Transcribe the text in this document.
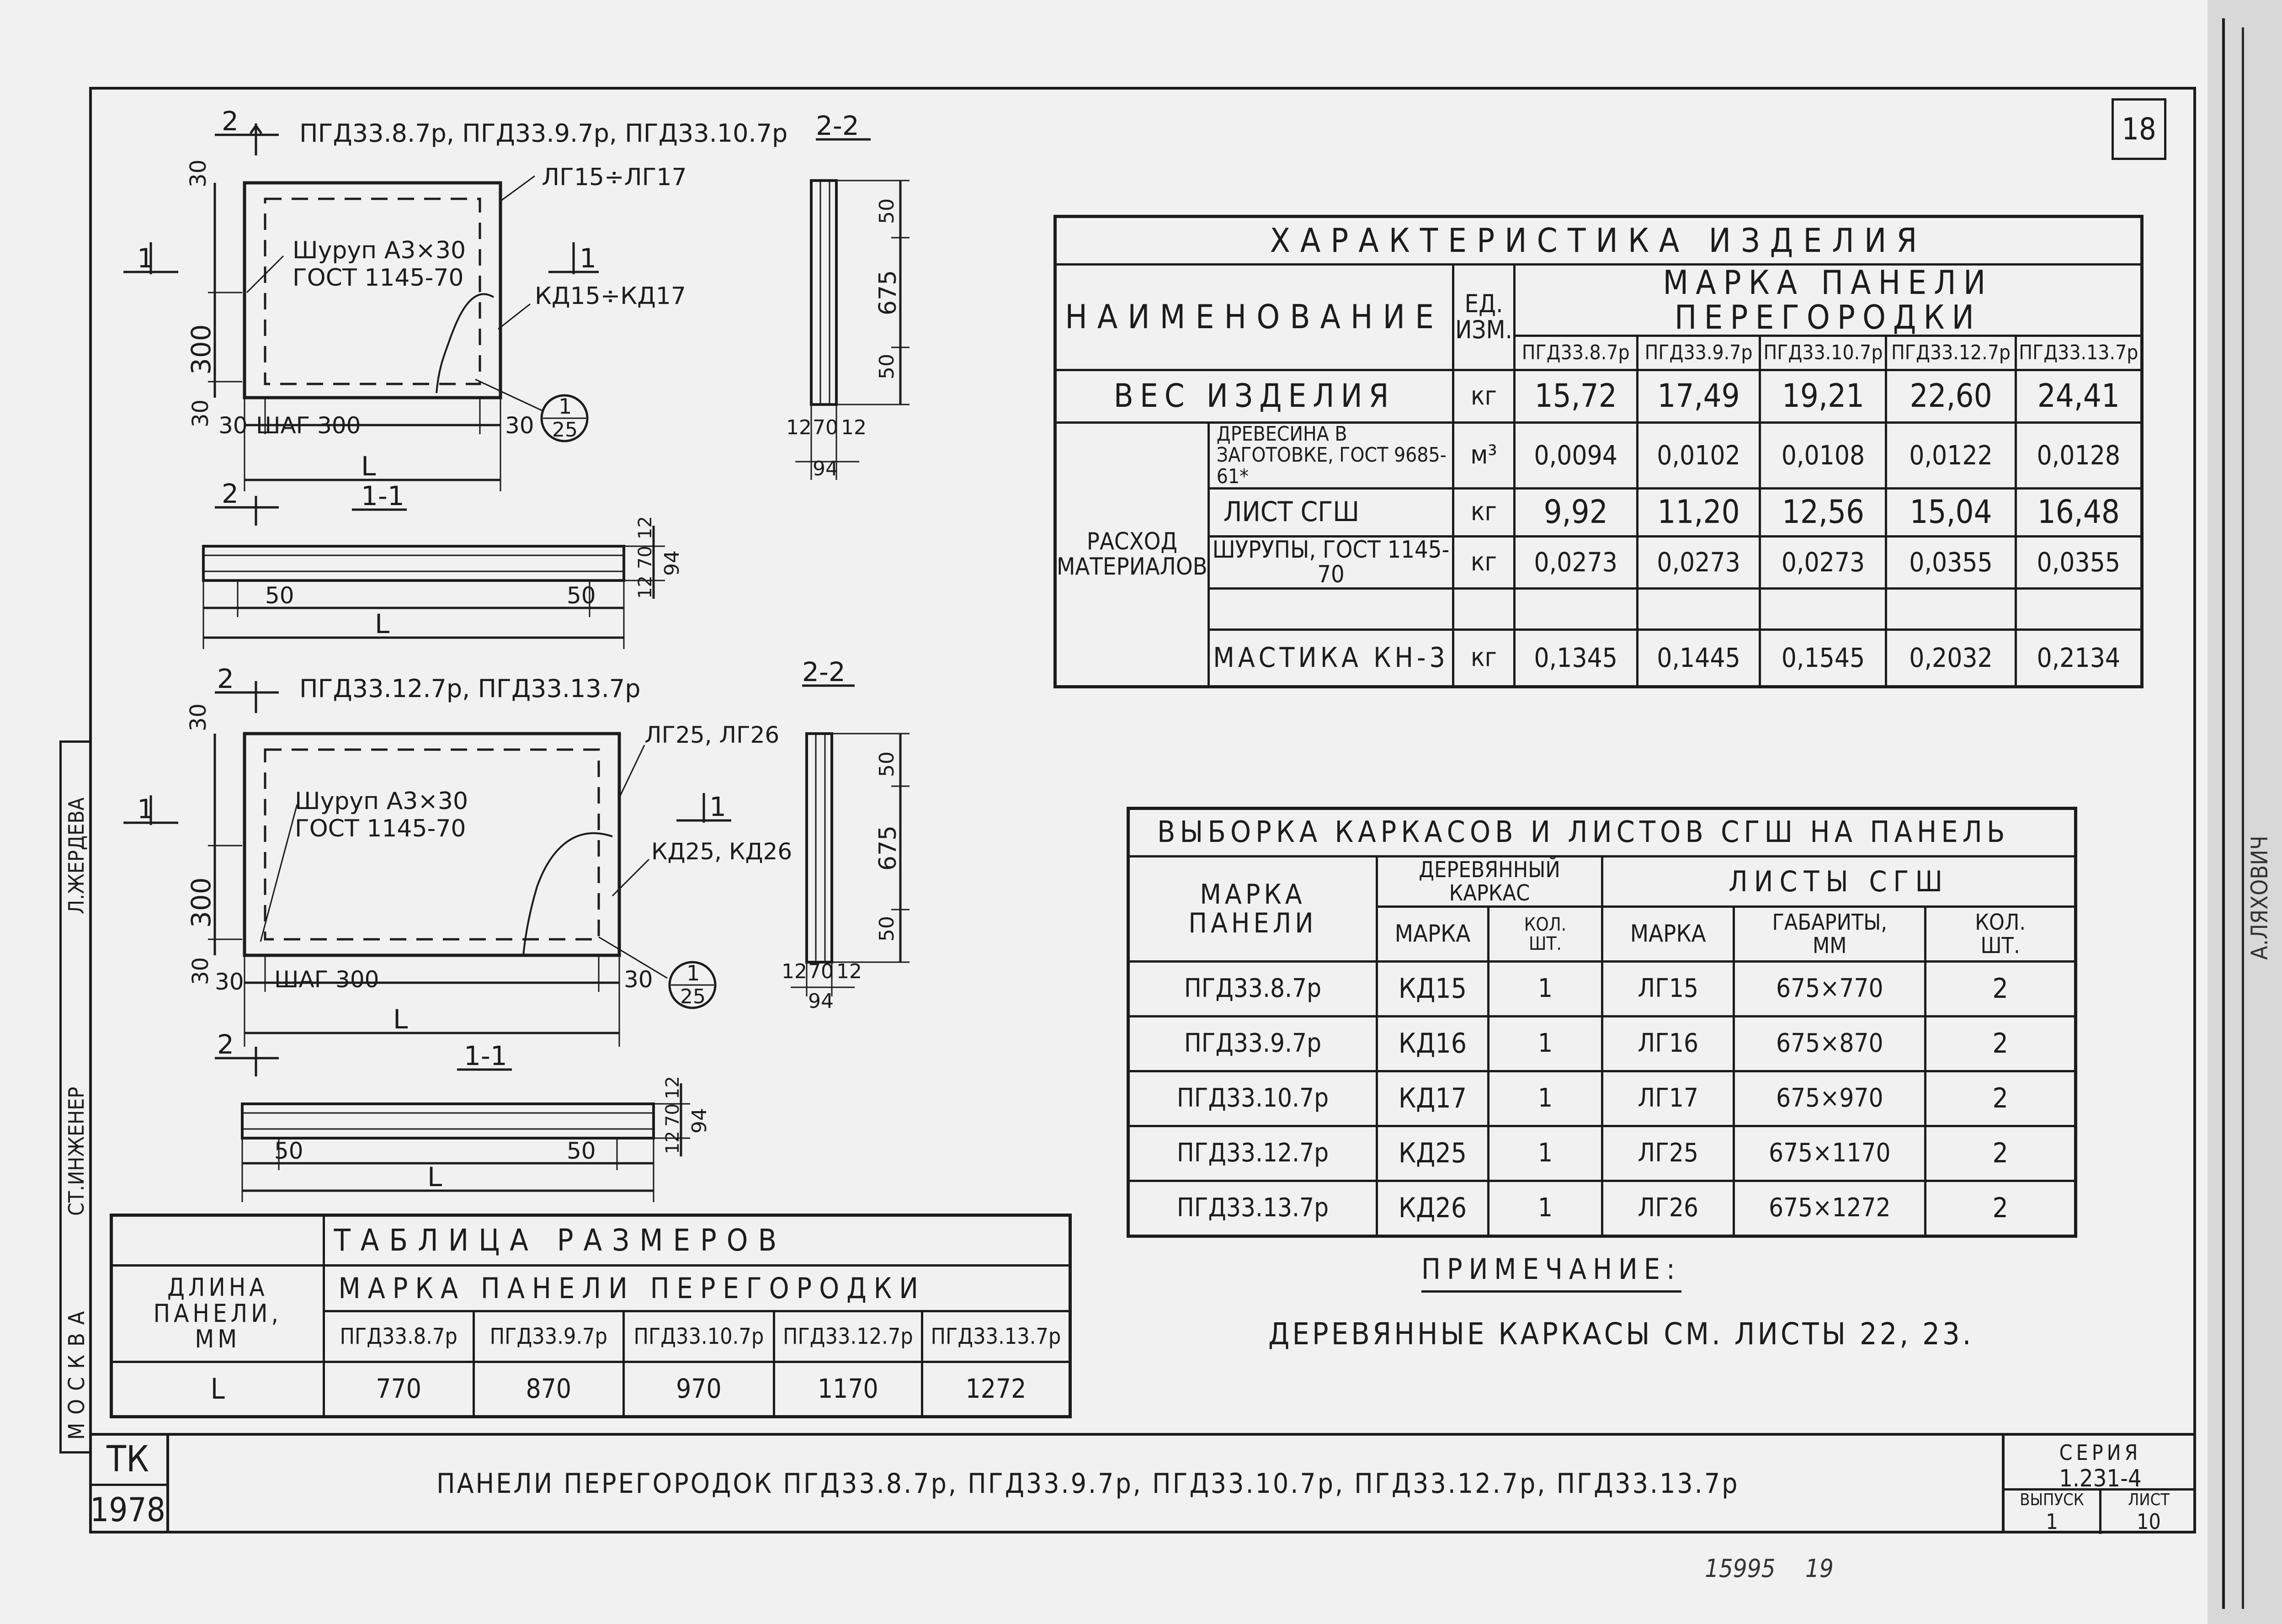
А.ЛЯХОВИЧ
МОСКВА
СТ.ИНЖЕНЕР
Л.ЖЕРДЕВА
18
2 ПГД33.8.7р, ПГД33.9.7р, ПГД33.10.7р 2-2
1	1
ЛГ15÷ЛГ17
Шуруп А3×30
ГОСТ 1145-70
КД15÷КД17
1
25
30
300
30 30 ШАГ 300	30
L
50
675
50
12 70 12
94
2	1-1
50	50
L
12
70
12
94
2	ПГД33.12.7р, ПГД33.13.7р
2-2
1	1
ЛГ25, ЛГ26
Шуруп А3×30
ГОСТ 1145-70
КД25, КД26
1
25
30
300
30 30 ШАГ 300	30
L
50
675
50
12 70 12
94
2	1-1
50	50
L
12
70
12
94
ХАРАКТЕРИСТИКА ИЗДЕЛИЯ							
НАИМЕНОВАНИЕ		ЕД. ИЗМ.	МАРКА ПАНЕЛИ ПЕРЕГОРОДКИ				
			ПГД33.8.7р	ПГД33.9.7р	ПГД33.10.7р	ПГД33.12.7р	ПГД33.13.7р
ВЕС ИЗДЕЛИЯ		кг	15,72	17,49	19,21	22,60	24,41
РАСХОД МАТЕРИАЛОВ	ДРЕВЕСИНА В ЗАГОТОВКЕ, ГОСТ 9685-61*	м³	0,0094	0,0102	0,0108	0,0122	0,0128
	ЛИСТ СГШ	кг	9,92	11,20	12,56	15,04	16,48
	ШУРУПЫ, ГОСТ 1145-70	кг	0,0273	0,0273	0,0273	0,0355	0,0355

	МАСТИКА КН-3	кг	0,1345	0,1445	0,1545	0,2032	0,2134
ВЫБОРКА КАРКАСОВ И ЛИСТОВ СГШ НА ПАНЕЛЬ					
МАРКА ПАНЕЛИ	ДЕРЕВЯННЫЙ КАРКАС		ЛИСТЫ СГШ		
	МАРКА	КОЛ. ШТ.	МАРКА	ГАБАРИТЫ, ММ	КОЛ. ШТ.
ПГД33.8.7р	КД15	1	ЛГ15	675×770	2
ПГД33.9.7р	КД16	1	ЛГ16	675×870	2
ПГД33.10.7р	КД17	1	ЛГ17	675×970	2
ПГД33.12.7р	КД25	1	ЛГ25	675×1170	2
ПГД33.13.7р	КД26	1	ЛГ26	675×1272	2
ПРИМЕЧАНИЕ:
ДЕРЕВЯННЫЕ КАРКАСЫ СМ. ЛИСТЫ 22, 23.
	ТАБЛИЦА РАЗМЕРОВ				
ДЛИНА ПАНЕЛИ, ММ	МАРКА ПАНЕЛИ ПЕРЕГОРОДКИ				
	ПГД33.8.7р	ПГД33.9.7р	ПГД33.10.7р	ПГД33.12.7р	ПГД33.13.7р
L	770	870	970	1170	1272
ТК
1978
ПАНЕЛИ ПЕРЕГОРОДОК ПГД33.8.7р, ПГД33.9.7р, ПГД33.10.7р, ПГД33.12.7р, ПГД33.13.7р
СЕРИЯ
1.231-4
ВЫПУСК
1
ЛИСТ
10
15995 19
